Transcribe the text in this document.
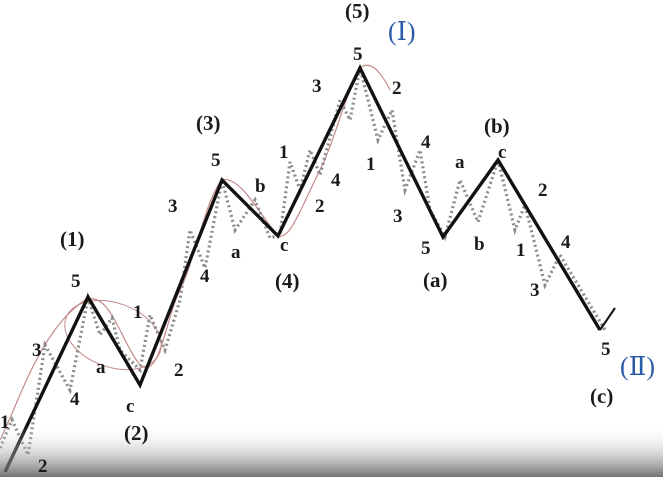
(1)
(2)
(3)
(4)
(5)
(a)
(b)
(c)
(Ⅰ)
(Ⅱ)
1
2
3
4
5
a
1
2
c
3
4
5
a
b
c
1
2
3
4
5
1
2
3
4
5
a
b
c
1
2
3
4
5
